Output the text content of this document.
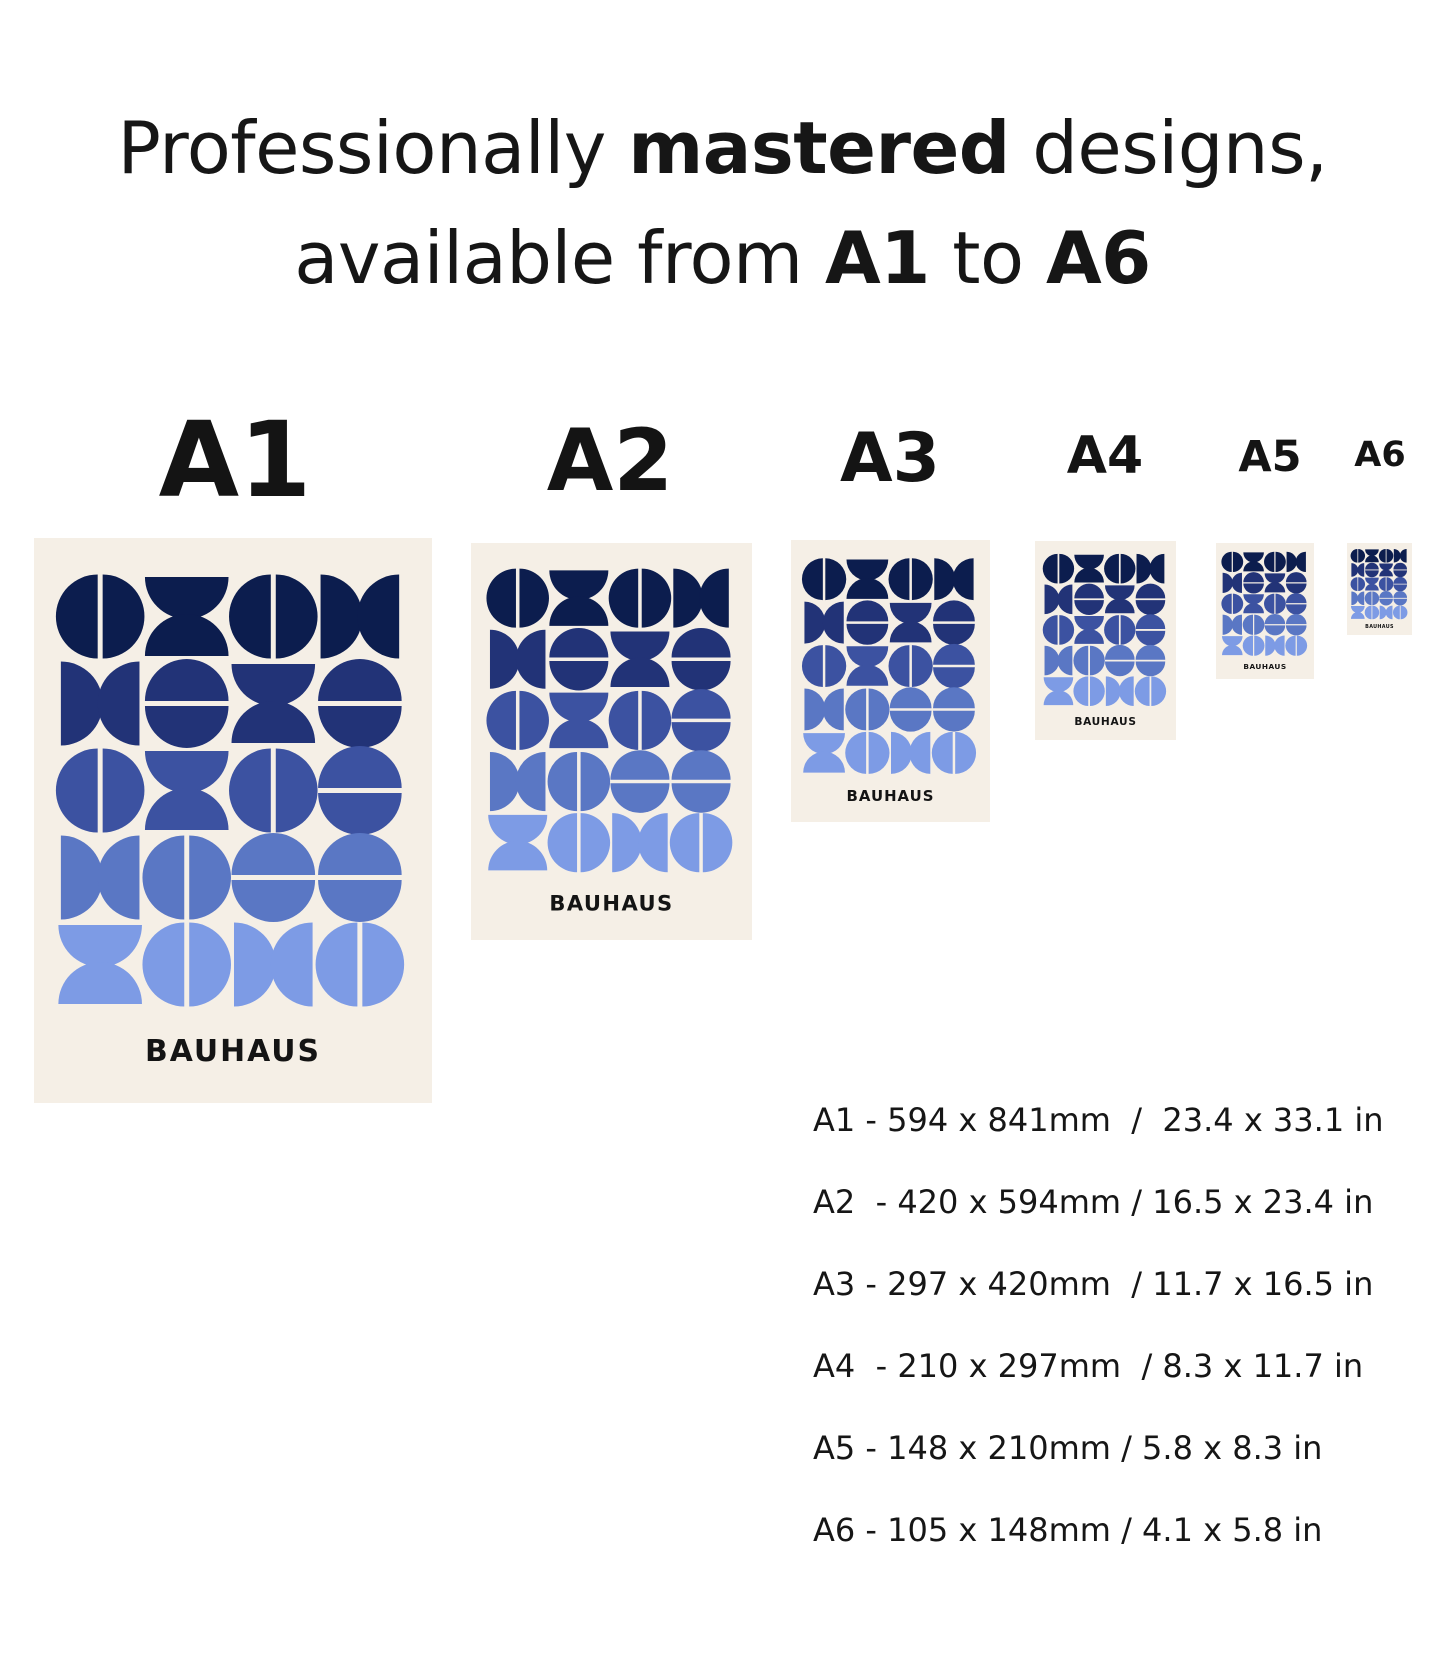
Professionally mastered designs,
available from A1 to A6
A1	A2 A3	A4	A5	A6
BAUHAUS
BAUHAUS
BAUHAUS
BAUHAUS
BAUHAUS
BAUHAUS
A1 - 594 x 841mm  /  23.4 x 33.1 in
A2  - 420 x 594mm / 16.5 x 23.4 in
A3 - 297 x 420mm  / 11.7 x 16.5 in
A4  - 210 x 297mm  / 8.3 x 11.7 in
A5 - 148 x 210mm / 5.8 x 8.3 in
A6 - 105 x 148mm / 4.1 x 5.8 in
